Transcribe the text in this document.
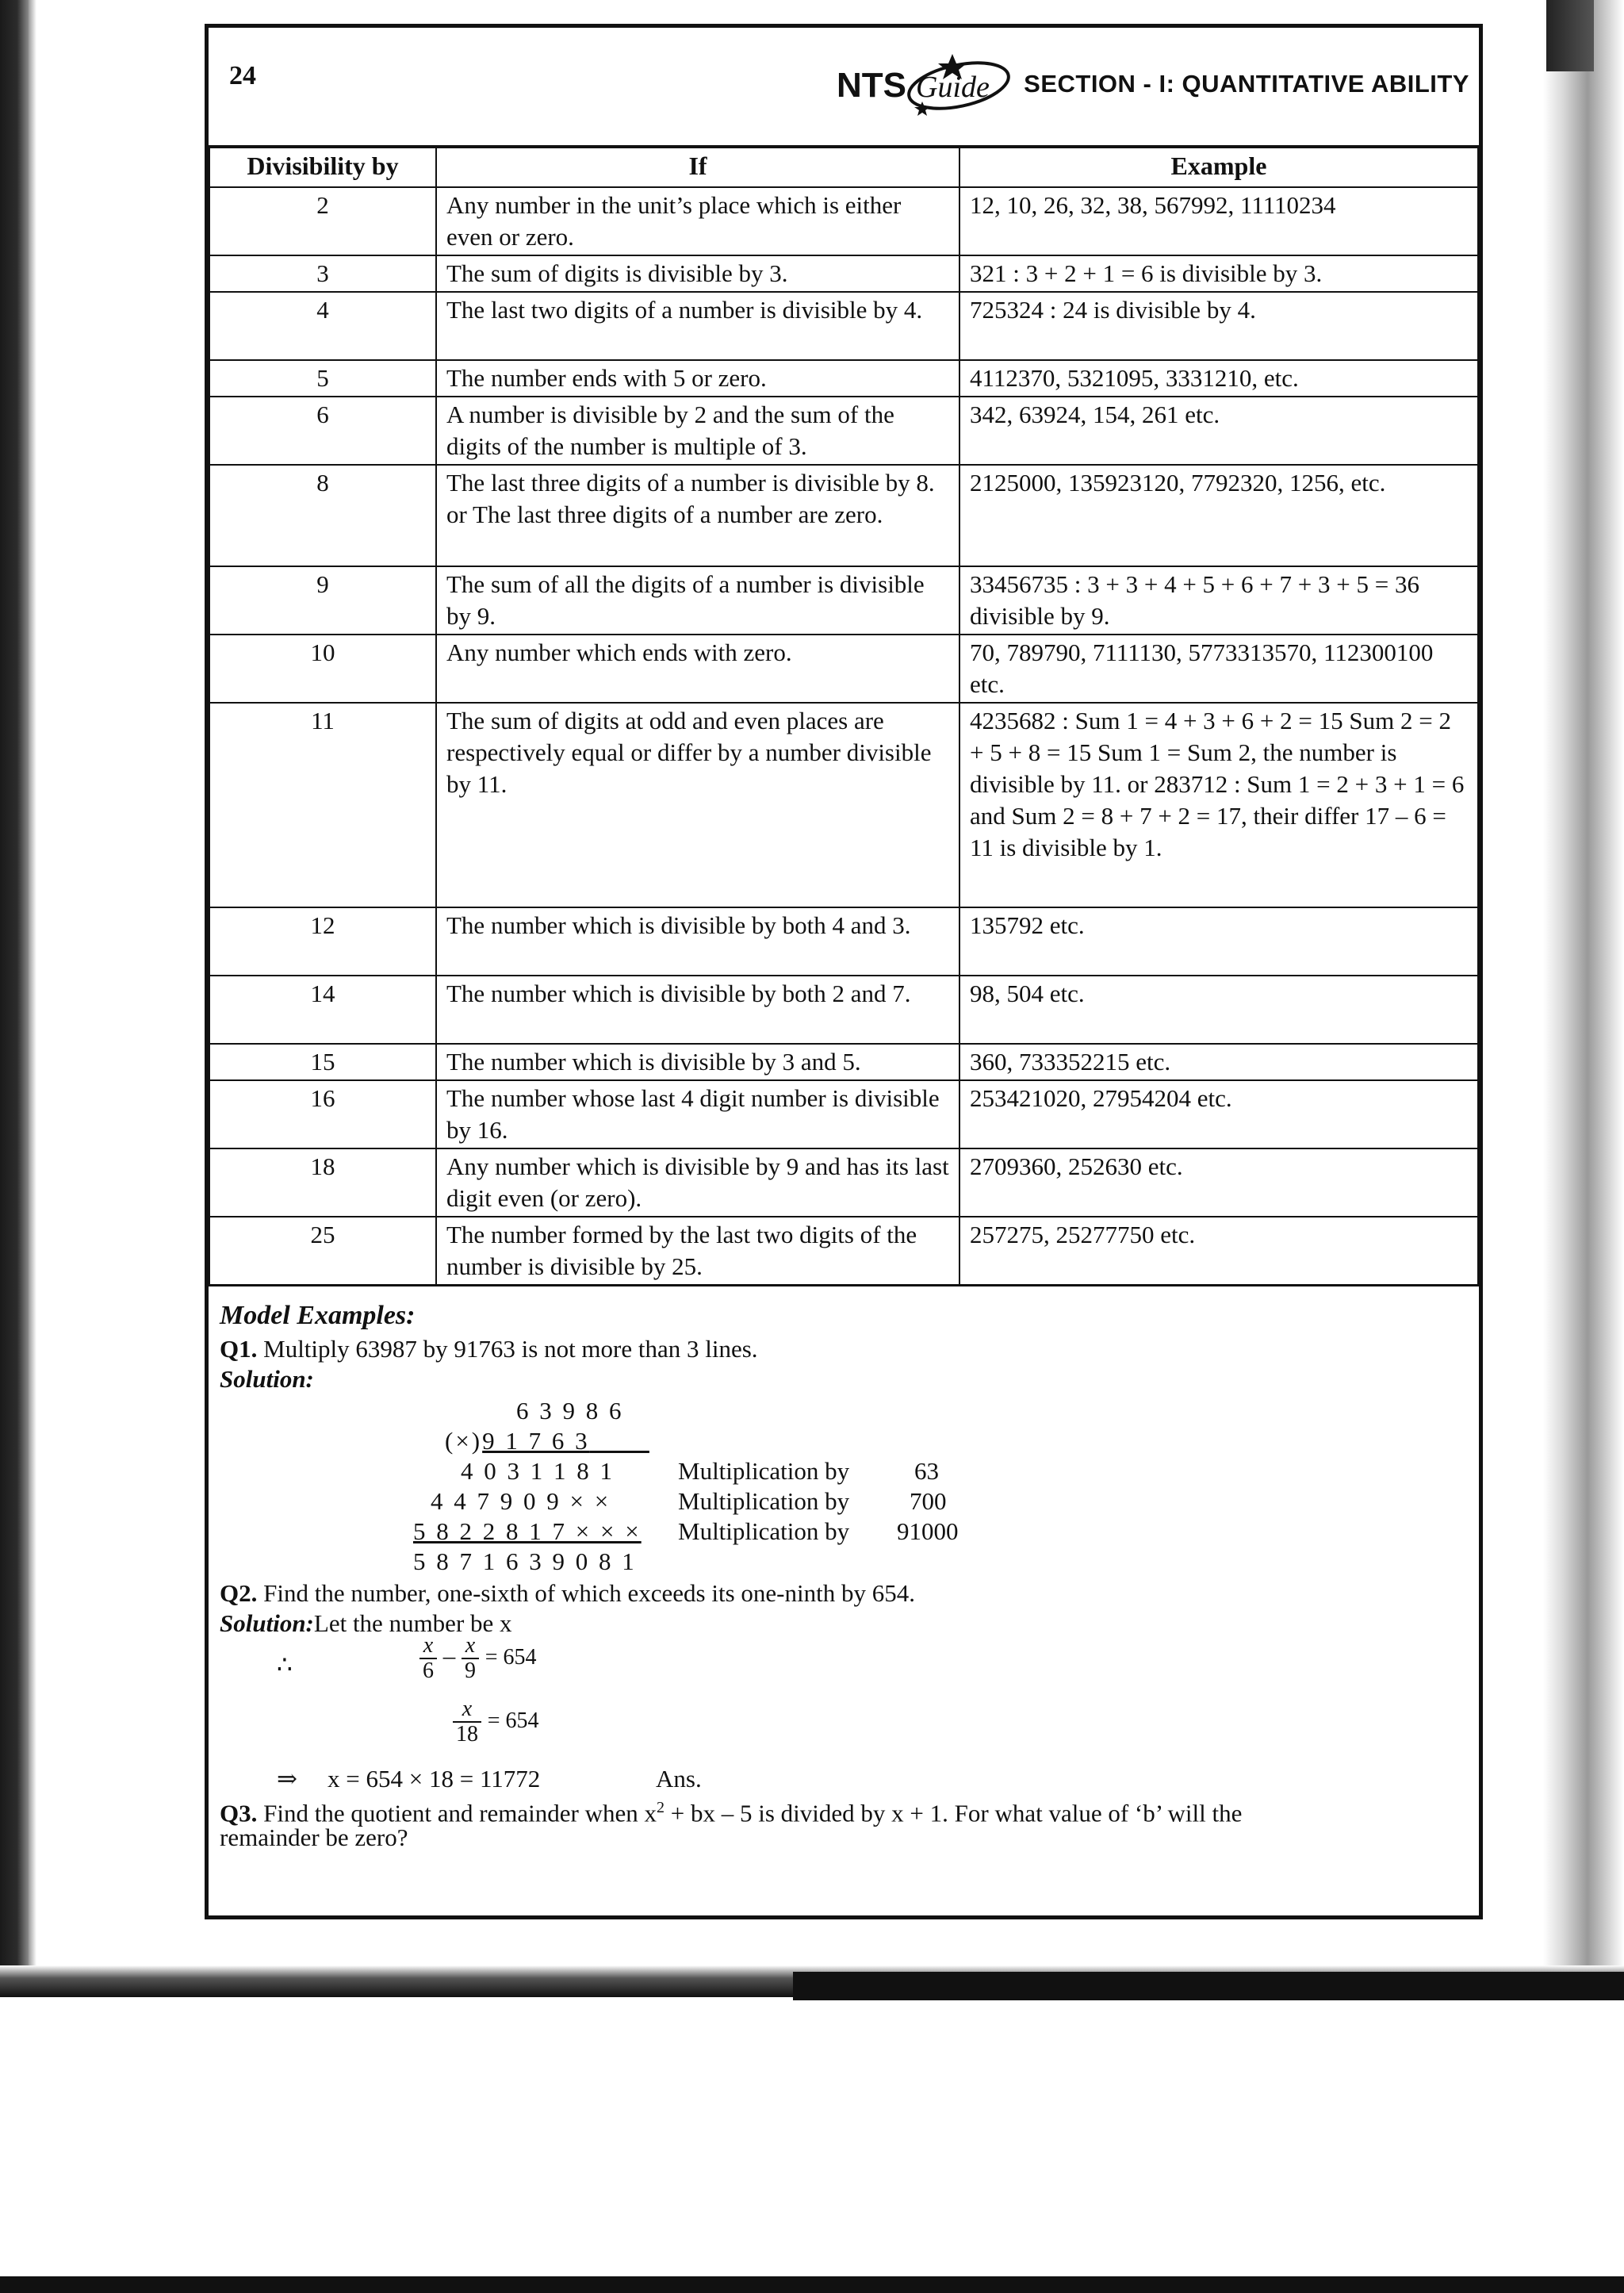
24	NTS Guide SECTION - I: QUANTITATIVE ABILITY
Divisibility by	If	Example
2	Any number in the unit’s place which is either even or zero.	12, 10, 26, 32, 38, 567992, 11110234
3	The sum of digits is divisible by 3.	321 : 3 + 2 + 1 = 6 is divisible by 3.
4	The last two digits of a number is divisible by 4.	725324 : 24 is divisible by 4.
5	The number ends with 5 or zero.	4112370, 5321095, 3331210, etc.
6	A number is divisible by 2 and the sum of the digits of the number is multiple of 3.	342, 63924, 154, 261 etc.
8	The last three digits of a number is divisible by 8. or The last three digits of a number are zero.	2125000, 135923120, 7792320, 1256, etc.
9	The sum of all the digits of a number is divisible by 9.	33456735 : 3 + 3 + 4 + 5 + 6 + 7 + 3 + 5 = 36 divisible by 9.
10	Any number which ends with zero.	70, 789790, 7111130, 5773313570, 112300100 etc.
11	The sum of digits at odd and even places are respectively equal or differ by a number divisible by 11.	4235682 : Sum 1 = 4 + 3 + 6 + 2 = 15 Sum 2 = 2 + 5 + 8 = 15 Sum 1 = Sum 2, the number is divisible by 11. or 283712 : Sum 1 = 2 + 3 + 1 = 6 and Sum 2 = 8 + 7 + 2 = 17, their differ 17 – 6 = 11 is divisible by 1.
12	The number which is divisible by both 4 and 3.	135792 etc.
14	The number which is divisible by both 2 and 7.	98, 504 etc.
15	The number which is divisible by 3 and 5.	360, 733352215 etc.
16	The number whose last 4 digit number is divisible by 16.	253421020, 27954204 etc.
18	Any number which is divisible by 9 and has its last digit even (or zero).	2709360, 252630 etc.
25	The number formed by the last two digits of the number is divisible by 25.	257275, 25277750 etc.
Model Examples:
Q1. Multiply 63987 by 91763 is not more than 3 lines.
Solution:
6 3 9 8 6
(×)9 1 7 6 3
4 0 3 1 1 8 1	Multiplication by	63
4 4 7 9 0 9 × ×	Multiplication by 700
5 8 2 2 8 1 7 × × × Multiplication by 91000
5 8 7 1 6 3 9 0 8 1
Q2. Find the number, one-sixth of which exceeds its one-ninth by 654.
Solution:Let the number be x
∴	$\frac{x}{6} - \frac{x}{9} = 654$
$\frac{x}{18} = 654$
⇒ x = 654 × 18 = 11772	Ans.
Q3. Find the quotient and remainder when $x^2$ + bx – 5 is divided by x + 1. For what value of ‘b’ will the
remainder be zero?
